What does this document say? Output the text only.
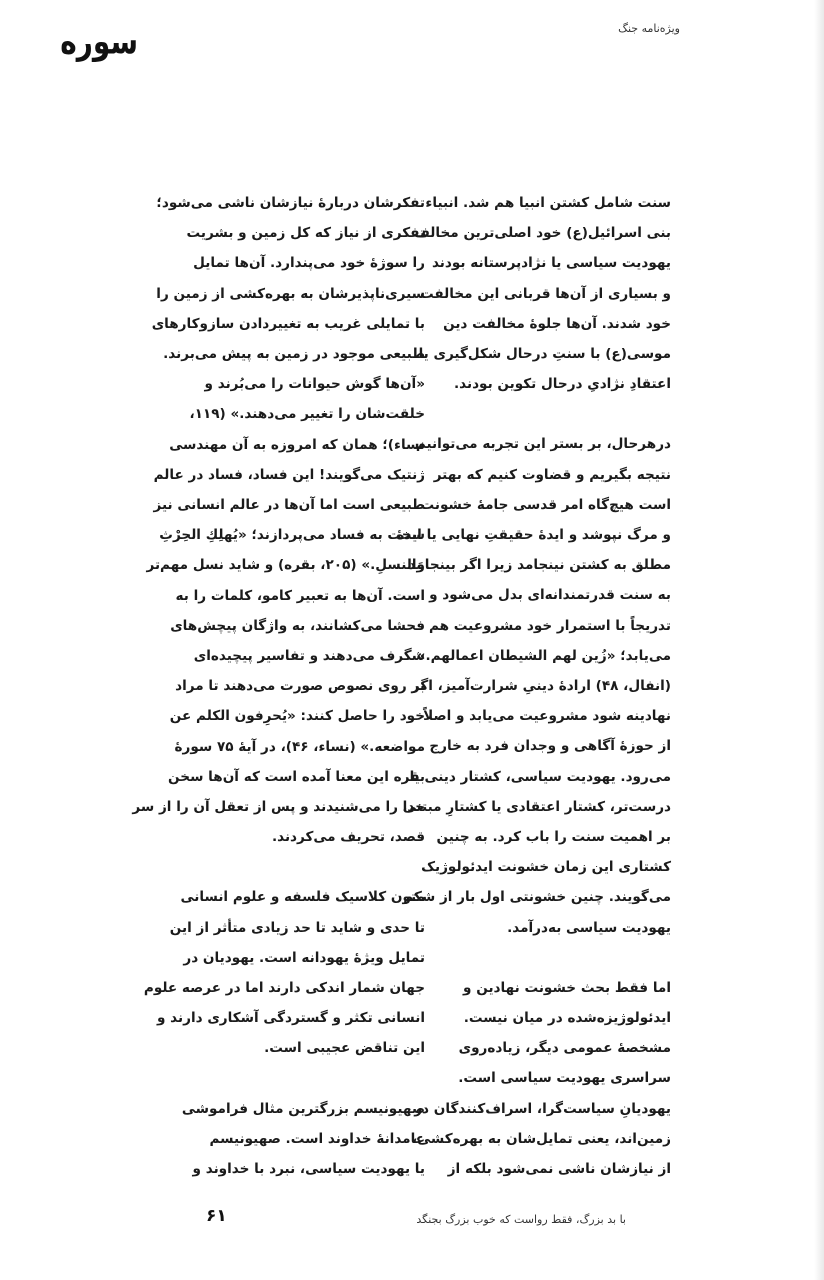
ویژه‌نامه جنگ
سوره
سنت شامل کشتن انبیا هم شد. انبیاء
بنی اسرائیل(ع) خود اصلی‌ترین مخالف
یهودیت سیاسی یا نژادپرستانه بودند
و بسیاری از آن‌ها قربانی این مخالفت
خود شدند. آن‌ها جلوهٔ مخالفت دین
موسی(ع) با سنتِ درحال شکل‌گیری یا
اعتقادِ نژادیِ درحال تکوین بودند.
درهرحال، بر بستر این تجربه می‌توانیم
نتیجه بگیریم و قضاوت کنیم که بهتر
است هیچ‌گاه امر قدسی جامهٔ خشونت
و مرگ نپوشد و ایدهٔ حقیقتِ نهایی یا ایدهٔ
مطلق به کشتن نینجامد زیرا اگر بینجامد
به سنت قدرتمندانه‌ای بدل می‌شود و
تدریجاً با استمرار خود مشروعیت هم
می‌یابد؛ «زُین لهم الشیطان اعمالهم.»
(انفال، ۴۸) ارادهٔ دینیِ شرارت‌آمیز، اگر
نهادینه شود مشروعیت می‌یابد و اصلاً
از حوزهٔ آگاهی و وجدان فرد به خارج
می‌رود. یهودیت سیاسی، کشتار دینی یا
درست‌تر، کشتار اعتقادی یا کشتارِ مبتنی
بر اهمیت سنت را باب کرد. به چنین
کشتاری این زمان خشونت ایدئولوژیک
می‌گویند. چنین خشونتی اول بار از شکم
یهودیت سیاسی به‌درآمد.
اما فقط بحث خشونت نهادین و
ایدئولوژیزه‌شده در میان نیست.
مشخصهٔ عمومی دیگر، زیاده‌روی
سراسری یهودیت سیاسی است.
یهودیانِ سیاست‌گرا، اسراف‌کنندگان در
زمین‌اند، یعنی تمایل‌شان به بهره‌کشی،
از نیازشان ناشی نمی‌شود بلکه از
تفکرشان دربارهٔ نیازشان ناشی می‌شود؛
تفکری از نیاز که کل زمین و بشریت
را سوژهٔ خود می‌پندارد. آن‌ها تمایل
سیری‌ناپذیرشان به بهره‌کشی از زمین را
با تمایلی غریب به تغییردادن سازوکارهای
طبیعی موجود در زمین به پیش می‌برند.
«آن‌ها گوش حیوانات را می‌بُرند و
خلقت‌شان را تغییر می‌دهند.» (۱۱۹،
نساء)؛ همان که امروزه به آن مهندسی
ژنتیک می‌گویند! این فساد، فساد در عالم
طبیعی است اما آن‌ها در عالم انسانی نیز
سخت به فساد می‌پردازند؛ «یُهلِكِ الحِرْثِ
وَالنسلِ.» (۲۰۵، بقره) و شاید نسل مهم‌تر
است. آن‌ها به تعبیر کامو، کلمات را به
فحشا می‌کشانند، به واژگان پیچش‌های
شگرف می‌دهند و تفاسیر پیچیده‌ای
بر روی نصوص صورت می‌دهند تا مراد
خود را حاصل کنند: «یُحرِفون الکلم عن
مواضعه.» (نساء، ۴۶)، در آیهٔ ۷۵ سورهٔ
بقره این معنا آمده است که آن‌ها سخن
خدا را می‌شنیدند و پس از تعقل آن را از سر
قصد، تحریف می‌کردند.
متون کلاسیک فلسفه و علوم انسانی
تا حدی و شاید تا حد زیادی متأثر از این
تمایل ویژهٔ یهودانه است. یهودیان در
جهان شمار اندکی دارند اما در عرصه علوم
انسانی تکثر و گستردگی آشکاری دارند و
این تناقض عجیبی است.
صهیونیسم بزرگترین مثال فراموشی
عامدانهٔ خداوند است. صهیونیسم
یا یهودیت سیاسی، نبرد با خداوند و
با بد بزرگ، فقط رواست که خوب بزرگ بجنگد
۶۱
